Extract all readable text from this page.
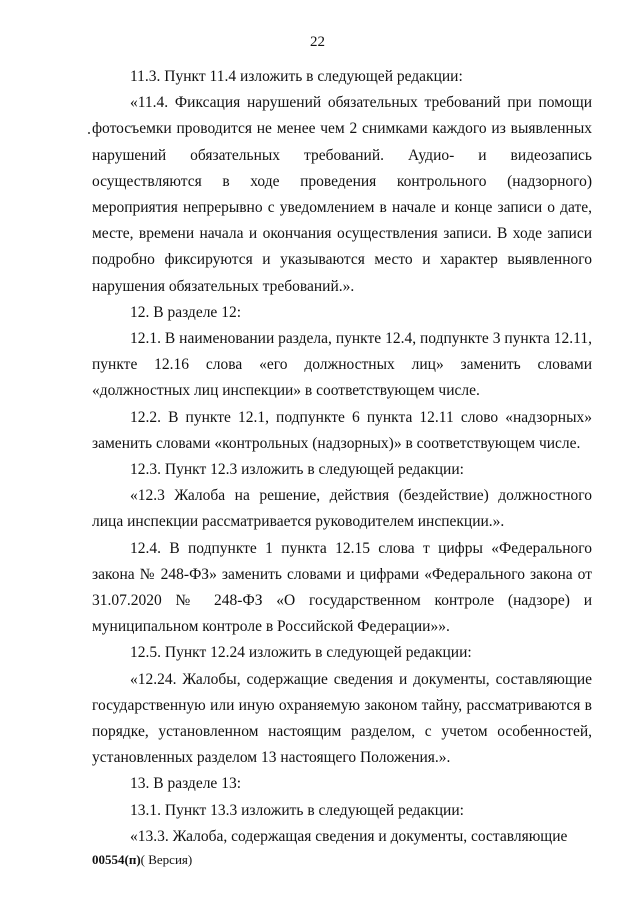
22

11.3. Пункт 11.4 изложить в следующей редакции:

«11.4. Фиксация нарушений обязательных требований при помощи фотосъемки проводится не менее чем 2 снимками каждого из выявленных нарушений обязательных требований. Аудио- и видеозапись осуществляются в ходе проведения контрольного (надзорного) мероприятия непрерывно с уведомлением в начале и конце записи о дате, месте, времени начала и окончания осуществления записи. В ходе записи подробно фиксируются и указываются место и характер выявленного нарушения обязательных требований.».

12. В разделе 12:

12.1. В наименовании раздела, пункте 12.4, подпункте 3 пункта 12.11, пункте 12.16 слова «его должностных лиц» заменить словами «должностных лиц инспекции» в соответствующем числе.

12.2. В пункте 12.1, подпункте 6 пункта 12.11 слово «надзорных» заменить словами «контрольных (надзорных)» в соответствующем числе.

12.3. Пункт 12.3 изложить в следующей редакции:

«12.3 Жалоба на решение, действия (бездействие) должностного лица инспекции рассматривается руководителем инспекции.».

12.4. В подпункте 1 пункта 12.15 слова т цифры «Федерального закона № 248-ФЗ» заменить словами и цифрами «Федерального закона от 31.07.2020 № 248-ФЗ «О государственном контроле (надзоре) и муниципальном контроле в Российской Федерации»».

12.5. Пункт 12.24 изложить в следующей редакции:

«12.24. Жалобы, содержащие сведения и документы, составляющие государственную или иную охраняемую законом тайну, рассматриваются в порядке, установленном настоящим разделом, с учетом особенностей, установленных разделом 13 настоящего Положения.».

13. В разделе 13:

13.1. Пункт 13.3 изложить в следующей редакции:

«13.3. Жалоба, содержащая сведения и документы, составляющие

00554(п)( Версия)
